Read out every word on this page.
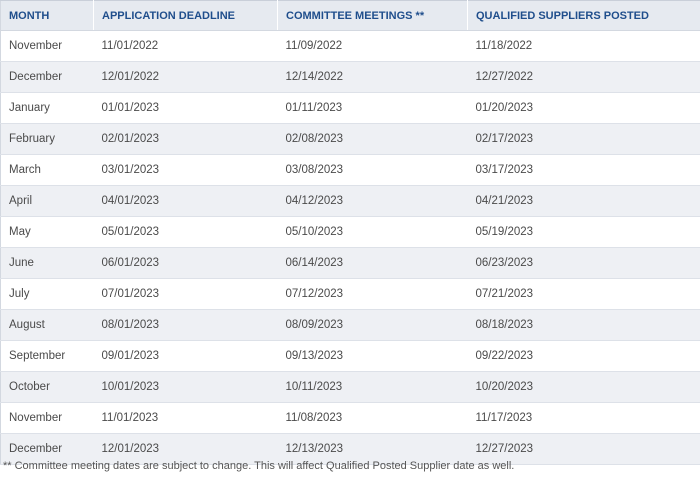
MONTH	APPLICATION DEADLINE	COMMITTEE MEETINGS **	QUALIFIED SUPPLIERS POSTED
November	11/01/2022	11/09/2022	11/18/2022
December	12/01/2022	12/14/2022	12/27/2022
January	01/01/2023	01/11/2023	01/20/2023
February	02/01/2023	02/08/2023	02/17/2023
March	03/01/2023	03/08/2023	03/17/2023
April	04/01/2023	04/12/2023	04/21/2023
May	05/01/2023	05/10/2023	05/19/2023
June	06/01/2023	06/14/2023	06/23/2023
July	07/01/2023	07/12/2023	07/21/2023
August	08/01/2023	08/09/2023	08/18/2023
September	09/01/2023	09/13/2023	09/22/2023
October	10/01/2023	10/11/2023	10/20/2023
November	11/01/2023	11/08/2023	11/17/2023
December	12/01/2023	12/13/2023	12/27/2023
** Committee meeting dates are subject to change. This will affect Qualified Posted Supplier date as well.
